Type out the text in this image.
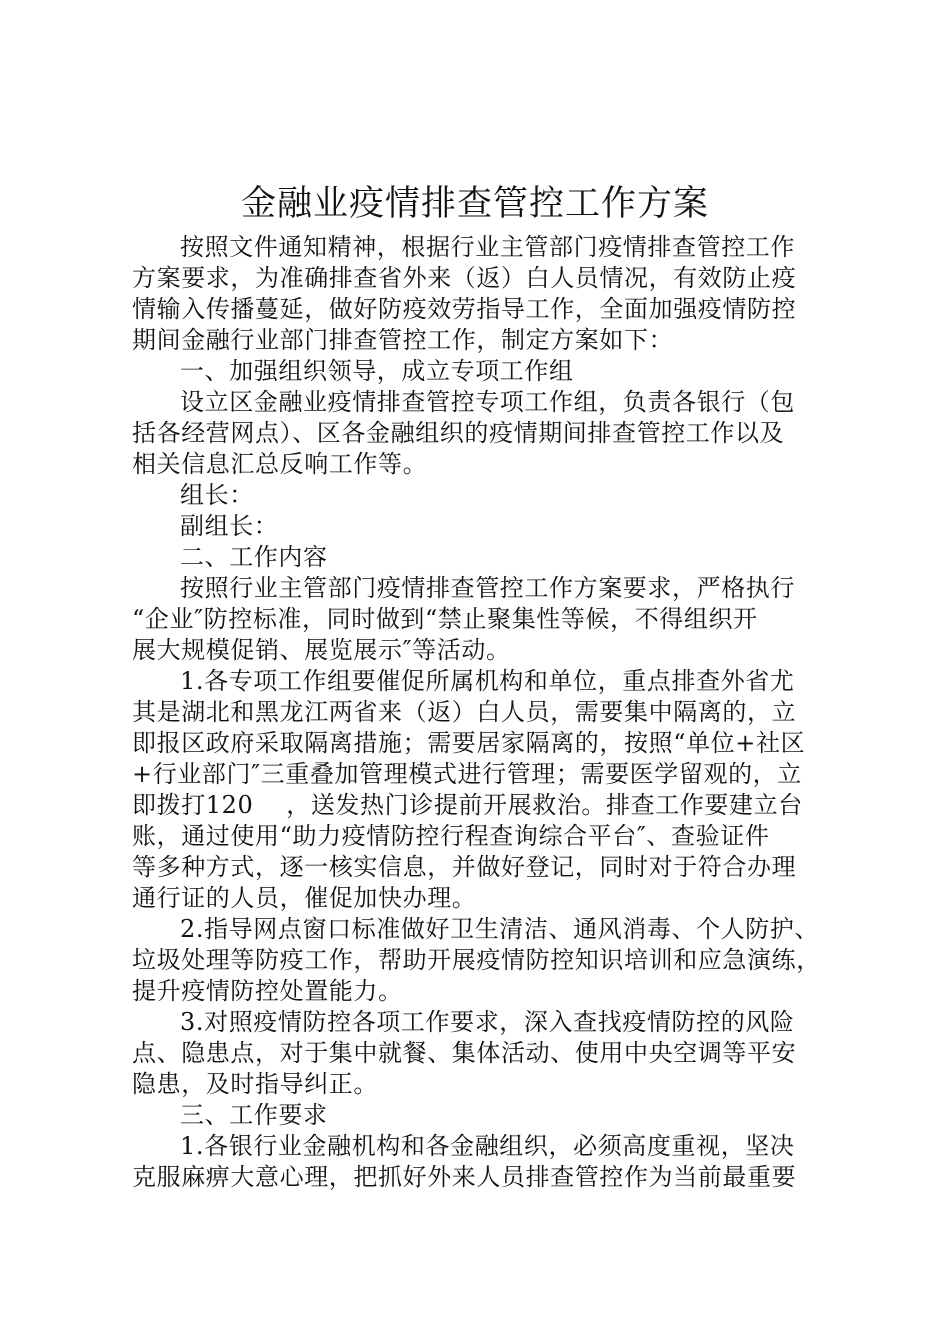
金融业疫情排查管控工作方案
按照文件通知精神，根据行业主管部门疫情排查管控工作
方案要求，为准确排查省外来（返）白人员情况，有效防止疫
情输入传播蔓延，做好防疫效劳指导工作，全面加强疫情防控
期间金融行业部门排查管控工作，制定方案如下：
一、加强组织领导，成立专项工作组
设立区金融业疫情排查管控专项工作组，负责各银行（包
括各经营网点）、区各金融组织的疫情期间排查管控工作以及
相关信息汇总反响工作等。
组长：
副组长：
二、工作内容
按照行业主管部门疫情排查管控工作方案要求，严格执行
“企业″防控标准，同时做到“禁止聚集性等候，不得组织开
展大规模促销、展览展示″等活动。
1.各专项工作组要催促所属机构和单位，重点排查外省尤
其是湖北和黑龙江两省来（返）白人员，需要集中隔离的，立
即报区政府采取隔离措施；需要居家隔离的，按照“单位+社区
+行业部门″三重叠加管理模式进行管理；需要医学留观的，立
即拨打120　 ，送发热门诊提前开展救治。排查工作要建立台
账，通过使用“助力疫情防控行程查询综合平台″、查验证件
等多种方式，逐一核实信息，并做好登记，同时对于符合办理
通行证的人员，催促加快办理。
2.指导网点窗口标准做好卫生清洁、通风消毒、个人防护、
垃圾处理等防疫工作，帮助开展疫情防控知识培训和应急演练，
提升疫情防控处置能力。
3.对照疫情防控各项工作要求，深入查找疫情防控的风险
点、隐患点，对于集中就餐、集体活动、使用中央空调等平安
隐患，及时指导纠正。
三、工作要求
1.各银行业金融机构和各金融组织，必须高度重视，坚决
克服麻痹大意心理，把抓好外来人员排查管控作为当前最重要
